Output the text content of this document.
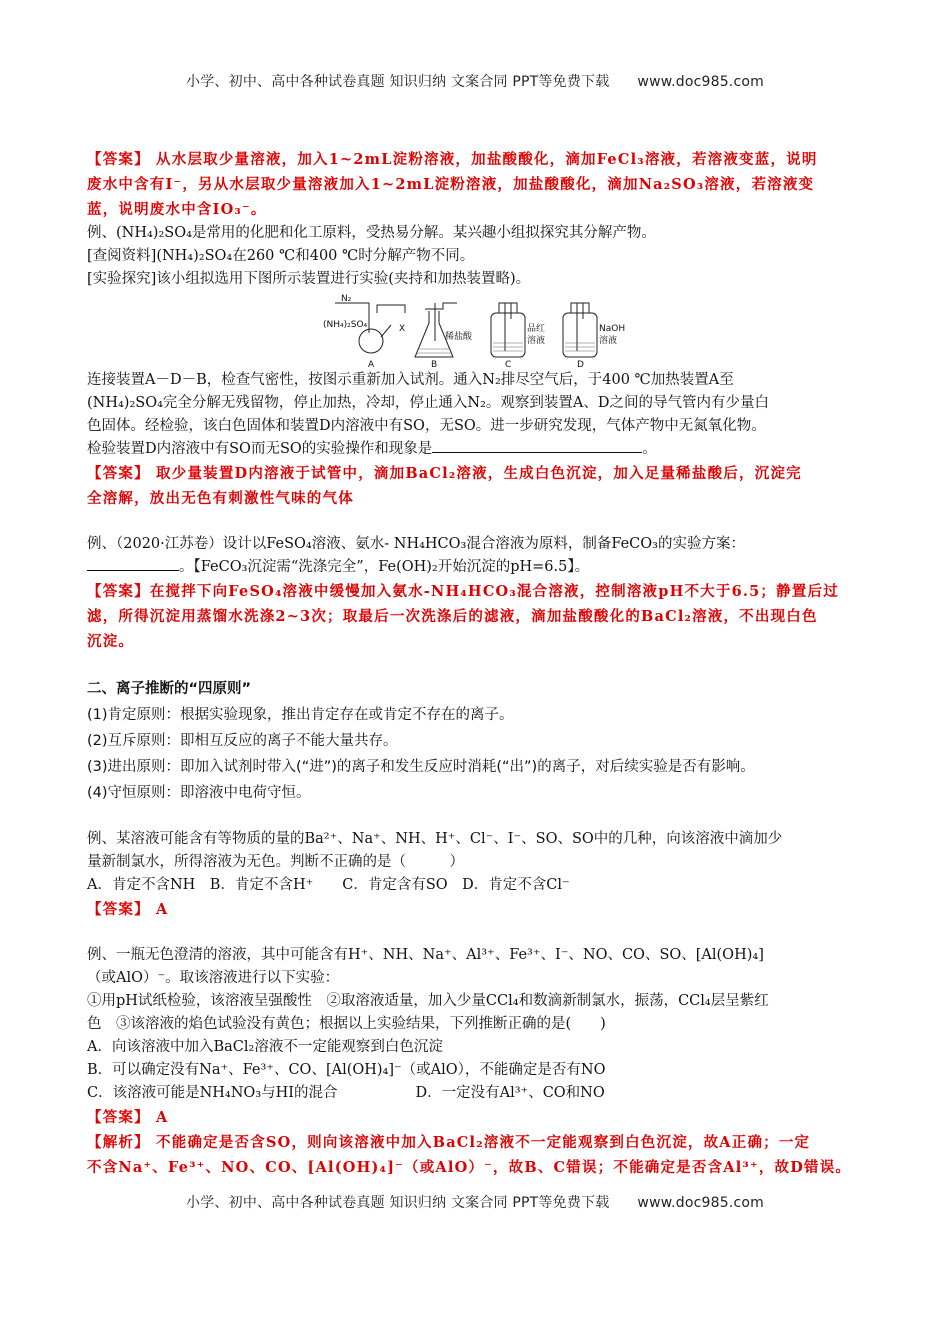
小学、初中、高中各种试卷真题 知识归纳 文案合同 PPT等免费下载 www.doc985.com
【答案】 从水层取少量溶液，加入1~2mL淀粉溶液，加盐酸酸化，滴加FeCl₃溶液，若溶液变蓝，说明
废水中含有I⁻，另从水层取少量溶液加入1~2mL淀粉溶液，加盐酸酸化，滴加Na₂SO₃溶液，若溶液变
蓝，说明废水中含IO₃⁻。
例、(NH₄)₂SO₄是常用的化肥和化工原料，受热易分解。某兴趣小组拟探究其分解产物。
[查阅资料](NH₄)₂SO₄在260 ℃和400 ℃时分解产物不同。
[实验探究]该小组拟选用下图所示装置进行实验(夹持和加热装置略)。
N₂
(NH₄)₂SO₄	X
稀盐酸
品红
溶液
NaOH
溶液
A	B	C	D
连接装置A－D－B，检查气密性，按图示重新加入试剂。通入N₂排尽空气后，于400 ℃加热装置A至
(NH₄)₂SO₄完全分解无残留物，停止加热，冷却，停止通入N₂。观察到装置A、D之间的导气管内有少量白
色固体。经检验，该白色固体和装置D内溶液中有SO，无SO。进一步研究发现，气体产物中无氮氧化物。
检验装置D内溶液中有SO而无SO的实验操作和现象是	。
【答案】 取少量装置D内溶液于试管中，滴加BaCl₂溶液，生成白色沉淀，加入足量稀盐酸后，沉淀完
全溶解，放出无色有刺激性气味的气体
例、（2020·江苏卷）设计以FeSO₄溶液、氨水- NH₄HCO₃混合溶液为原料，制备FeCO₃的实验方案：
。【FeCO₃沉淀需“洗涤完全”，Fe(OH)₂开始沉淀的pH=6.5】。
【答案】在搅拌下向FeSO₄溶液中缓慢加入氨水-NH₄HCO₃混合溶液，控制溶液pH不大于6.5；静置后过
滤，所得沉淀用蒸馏水洗涤2~3次；取最后一次洗涤后的滤液，滴加盐酸酸化的BaCl₂溶液，不出现白色
沉淀。
二、离子推断的“四原则”
(1)肯定原则：根据实验现象，推出肯定存在或肯定不存在的离子。
(2)互斥原则：即相互反应的离子不能大量共存。
(3)进出原则：即加入试剂时带入(“进”)的离子和发生反应时消耗(“出”)的离子，对后续实验是否有影响。
(4)守恒原则：即溶液中电荷守恒。
例、某溶液可能含有等物质的量的Ba²⁺、Na⁺、NH、H⁺、Cl⁻、I⁻、SO、SO中的几种，向该溶液中滴加少
量新制氯水，所得溶液为无色。判断不正确的是（　　　）
A．肯定不含NH　B．肯定不含H⁺　　C．肯定含有SO　D．肯定不含Cl⁻
【答案】 A
例、一瓶无色澄清的溶液，其中可能含有H⁺、NH、Na⁺、Al³⁺、Fe³⁺、I⁻、NO、CO、SO、[Al(OH)₄]
（或AlO）⁻。取该溶液进行以下实验：
①用pH试纸检验，该溶液呈强酸性　②取溶液适量，加入少量CCl₄和数滴新制氯水，振荡，CCl₄层呈紫红
色　③该溶液的焰色试验没有黄色；根据以上实验结果，下列推断正确的是(　　)
A．向该溶液中加入BaCl₂溶液不一定能观察到白色沉淀
B．可以确定没有Na⁺、Fe³⁺、CO、[Al(OH)₄]⁻（或AlO），不能确定是否有NO
C．该溶液可能是NH₄NO₃与HI的混合	D．一定没有Al³⁺、CO和NO
【答案】 A
【解析】 不能确定是否含SO，则向该溶液中加入BaCl₂溶液不一定能观察到白色沉淀，故A正确；一定
不含Na⁺、Fe³⁺、NO、CO、[Al(OH)₄]⁻（或AlO）⁻，故B、C错误；不能确定是否含Al³⁺，故D错误。
小学、初中、高中各种试卷真题 知识归纳 文案合同 PPT等免费下载 www.doc985.com
